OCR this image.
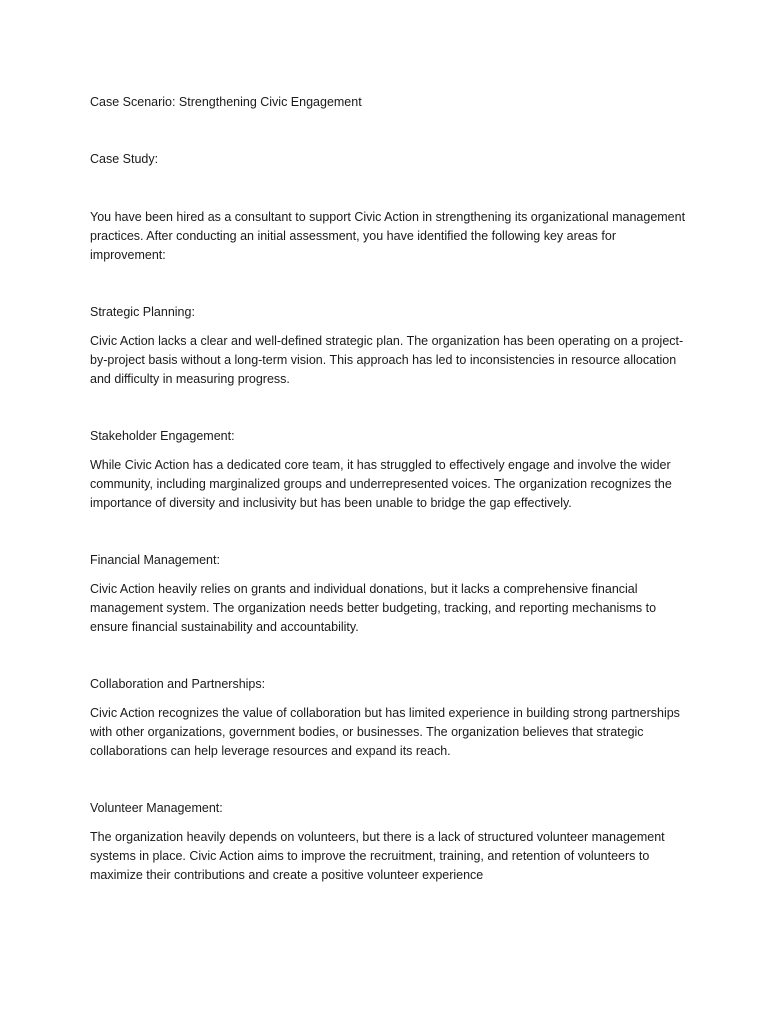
Case Scenario: Strengthening Civic Engagement

Case Study:

You have been hired as a consultant to support Civic Action in strengthening its organizational management practices. After conducting an initial assessment, you have identified the following key areas for improvement:

Strategic Planning:

Civic Action lacks a clear and well-defined strategic plan. The organization has been operating on a project-by-project basis without a long-term vision. This approach has led to inconsistencies in resource allocation and difficulty in measuring progress.

Stakeholder Engagement:

While Civic Action has a dedicated core team, it has struggled to effectively engage and involve the wider community, including marginalized groups and underrepresented voices. The organization recognizes the importance of diversity and inclusivity but has been unable to bridge the gap effectively.

Financial Management:

Civic Action heavily relies on grants and individual donations, but it lacks a comprehensive financial management system. The organization needs better budgeting, tracking, and reporting mechanisms to ensure financial sustainability and accountability.

Collaboration and Partnerships:

Civic Action recognizes the value of collaboration but has limited experience in building strong partnerships with other organizations, government bodies, or businesses. The organization believes that strategic collaborations can help leverage resources and expand its reach.

Volunteer Management:

The organization heavily depends on volunteers, but there is a lack of structured volunteer management systems in place. Civic Action aims to improve the recruitment, training, and retention of volunteers to maximize their contributions and create a positive volunteer experience
